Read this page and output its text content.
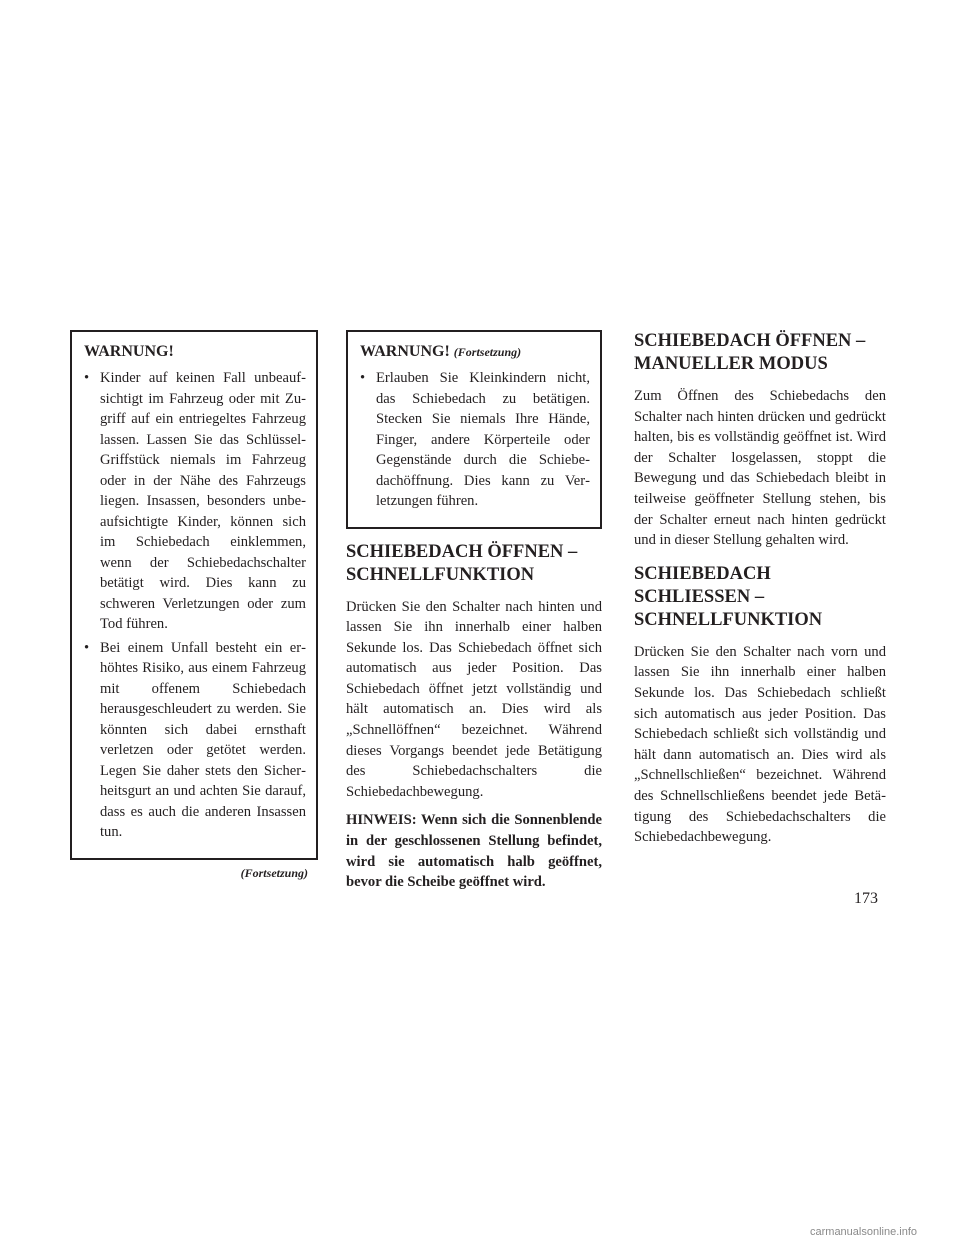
WARNUNG!
• Kinder auf keinen Fall unbeaufsichtigt im Fahrzeug oder mit Zugriff auf ein entriegeltes Fahrzeug lassen. Lassen Sie das Schlüssel-Griffstück niemals im Fahrzeug oder in der Nähe des Fahrzeugs liegen. Insassen, besonders unbeaufsichtigte Kinder, können sich im Schiebedach einklemmen, wenn der Schiebedachschalter betätigt wird. Dies kann zu schweren Verletzungen oder zum Tod führen.
• Bei einem Unfall besteht ein erhöhtes Risiko, aus einem Fahrzeug mit offenem Schiebedach herausgeschleudert zu werden. Sie könnten sich dabei ernsthaft verletzen oder getötet werden. Legen Sie daher stets den Sicherheitsgurt an und achten Sie darauf, dass es auch die anderen Insassen tun.
(Fortsetzung)
WARNUNG! (Fortsetzung)
• Erlauben Sie Kleinkindern nicht, das Schiebedach zu betätigen. Stecken Sie niemals Ihre Hände, Finger, andere Körperteile oder Gegenstände durch die Schiebedachöffnung. Dies kann zu Verletzungen führen.
SCHIEBEDACH ÖFFNEN – SCHNELLFUNKTION

Drücken Sie den Schalter nach hinten und lassen Sie ihn innerhalb einer halben Sekunde los. Das Schiebedach öffnet sich automatisch aus jeder Position. Das Schiebedach öffnet jetzt vollständig und hält automatisch an. Dies wird als „Schnellöffnen“ bezeichnet. Während dieses Vorgangs beendet jede Betätigung des Schiebedachschalters die Schiebedachbewegung.

HINWEIS: Wenn sich die Sonnenblende in der geschlossenen Stellung befindet, wird sie automatisch halb geöffnet, bevor die Scheibe geöffnet wird.

SCHIEBEDACH ÖFFNEN – MANUELLER MODUS

Zum Öffnen des Schiebedachs den Schalter nach hinten drücken und gedrückt halten, bis es vollständig geöffnet ist. Wird der Schalter losgelassen, stoppt die Bewegung und das Schiebedach bleibt in teilweise geöffneter Stellung stehen, bis der Schalter erneut nach hinten gedrückt und in dieser Stellung gehalten wird.

SCHIEBEDACH SCHLIESSEN – SCHNELLFUNKTION

Drücken Sie den Schalter nach vorn und lassen Sie ihn innerhalb einer halben Sekunde los. Das Schiebedach schließt sich automatisch aus jeder Position. Das Schiebedach schließt sich vollständig und hält dann automatisch an. Dies wird als „Schnellschließen“ bezeichnet. Während des Schnellschließens beendet jede Betätigung des Schiebedachschalters die Schiebedachbewegung.

173
carmanualsonline.info
